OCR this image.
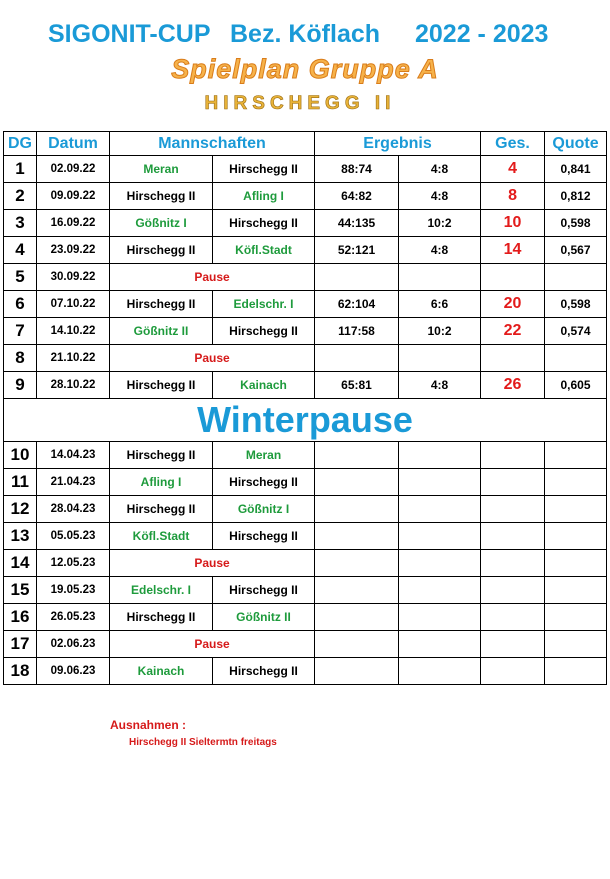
SIGONIT-CUP Bez. Köflach 2022 - 2023
Spielplan Gruppe A
HIRSCHEGG II
DG	Datum	Mannschaften		Ergebnis		Ges.	Quote
1	02.09.22	Meran	Hirschegg II	88:74	4:8	4	0,841
2	09.09.22	Hirschegg II	Afling I	64:82	4:8	8	0,812
3	16.09.22	Gößnitz I	Hirschegg II	44:135	10:2	10	0,598
4	23.09.22	Hirschegg II	Köfl.Stadt	52:121	4:8	14	0,567
5	30.09.22	Pause					
6	07.10.22	Hirschegg II	Edelschr. I	62:104	6:6	20	0,598
7	14.10.22	Gößnitz II	Hirschegg II	117:58	10:2	22	0,574
8	21.10.22	Pause					
9	28.10.22	Hirschegg II	Kainach	65:81	4:8	26	0,605
Winterpause							
10	14.04.23	Hirschegg II	Meran				
11	21.04.23	Afling I	Hirschegg II				
12	28.04.23	Hirschegg II	Gößnitz I				
13	05.05.23	Köfl.Stadt	Hirschegg II				
14	12.05.23	Pause					
15	19.05.23	Edelschr. I	Hirschegg II				
16	26.05.23	Hirschegg II	Gößnitz II				
17	02.06.23	Pause					
18	09.06.23	Kainach	Hirschegg II				
Ausnahmen :
Hirschegg II Sieltermtn freitags
